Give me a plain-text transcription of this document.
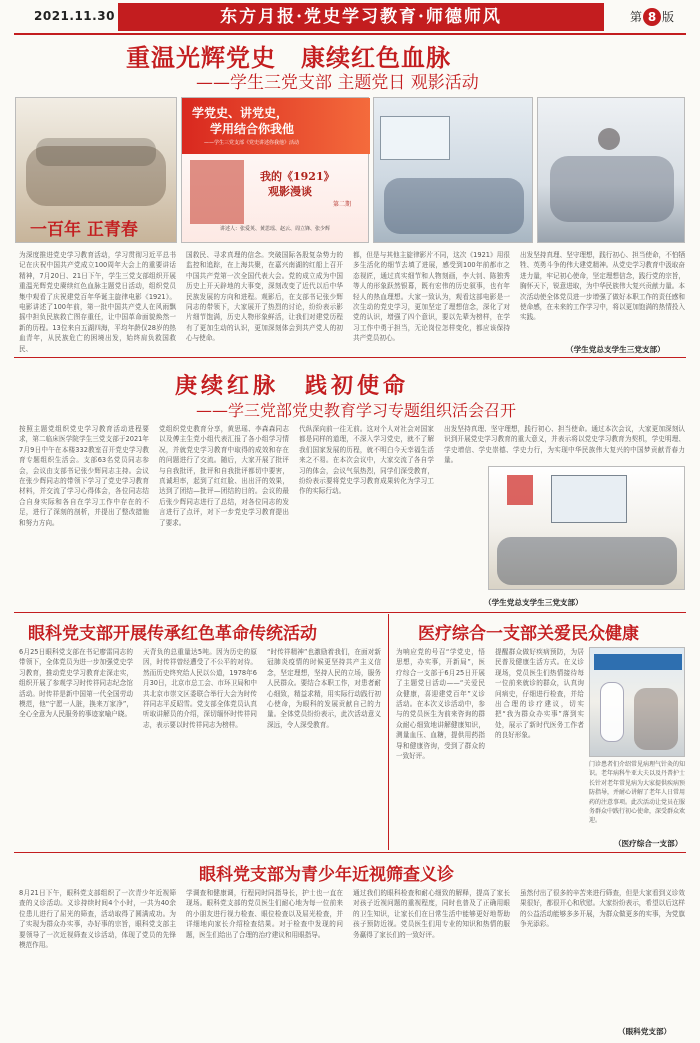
2021.11.30	东方月报·党史学习教育·师德师风	第 8 版
重温光辉党史　康续红色血脉
——学生三党支部 主题党日 观影活动
一百年 正青春
学党史、讲党史，
学用结合你我他
——学生三党支部《党史讲述你我他》活动
我的《1921》
观影漫谈
第二期
讲述人：张爱英、黄思瑶、赵云、周立锋、张少辉
为深度推进党史学习教育活动，学习贯彻习近平总书记在庆祝中国共产党成立100周年大会上的重要讲话精神，7月20日、21日下午，学生三党支部组织开展重温光辉党史赓续红色血脉主题党日活动，组织党员集中观看了庆祝建党百年华诞主旋律电影《1921》。电影讲述了100年前，第一批中国共产党人在风雨飘摇中担负民族救亡图存重任，让中国革命面貌焕然一新的历程。13位来自五湖四海，平均年龄仅28岁的热血青年，从民族危亡的困境出发，始终肩负救国救民、
国救民、寻求真理的信念。突破国际各股复杂势力的监控和追踪，在上海共聚，在嘉兴南湖的红船上召开中国共产党第一次全国代表大会。党的成立成为中国历史上开天辟地的大事变，深刻改变了近代以后中华民族发展的方向和进程。观影后，在支部书记张少辉同志的带领下，大家展开了热烈的讨论，纷纷表示影片细节饱满，历史人物形象鲜活，让我们对建党历程有了更加生动的认识，更加深刻体会到共产党人的初心与使命。
都，但是与其他主旋律影片不同，这次《1921》用很多生活化的细节去填了进展，感受到100年前都市之态视匠，通过真实细节和人物刻画，李大钊、陈独秀等人的形象跃然银幕，既有宏伟的历史叙事，也有年轻人的热血理想。大家一致认为，观看这部电影是一次生动的党史学习，更加坚定了理想信念，深化了对党的认识，增强了四个意识，要以先辈为榜样，在学习工作中勇于担当，无论岗位怎样变化，都应该保持共产党员初心。
出发坚持真理、坚守理想，践行初心、担当使命，不怕牺牲、英勇斗争的伟大建党精神。从党史学习教育中汲取奋进力量，牢记初心使命，坚定理想信念，践行党的宗旨，胸怀天下，锐意进取，为中华民族伟大复兴贡献力量。本次活动使全体党员进一步增强了做好本职工作的责任感和使命感，在未来的工作学习中，将以更加饱满的热情投入实践。
（学生党总支学生三党支部）
庚续红脉　践初使命
——学三党部党史教育学习专题组织活会召开
按照主题党组织党史学习教育活动进程要求，第二临床医学院学生三党支部于2021年7月9日中午在本楼332教室召开党史学习教育专题组织生活会。支部63名党员同志参会，会议由支部书记张少辉同志主持。会议在张少辉同志的带领下学习了党史学习教育材料，并交流了学习心得体会，各位同志结合自身实际和各自在学习工作中存在的不足，进行了深刻的剖析，并提出了整改措施和努力方向。
党组织党史教育分享，黄思瑶、李森森同志以及傅主生党小组代表汇报了各小组学习情况，并就党史学习教育中取得的成效和存在的问题进行了交流。随后，大家开展了批评与自我批评，批评和自我批评都切中要害，真诚坦率，起到了红红脸、出出汗的效果，达到了团结—批评—团结的目的。会议的最后张少辉同志进行了总结，对各位同志的发言进行了点评，对下一步党史学习教育提出了要求。
代纵深向前一往无前。这对个人对社会对国家都是同样的道理，不深入学习党史，就不了解我们国家发展的历程，就不明白今天幸福生活来之不易。在本次会议中，大家交流了各自学习的体会，会议气氛热烈，同学们深受教育，纷纷表示要将党史学习教育成果转化为学习工作的实际行动。
出发坚持真理、坚守理想，践行初心、担当使命。通过本次会议，大家更加深刻认识到开展党史学习教育的重大意义，并表示将以党史学习教育为契机，学史明理、学史增信、学史崇德、学史力行，为实现中华民族伟大复兴的中国梦贡献青春力量。
（学生党总支学生三党支部）
眼科党支部开展传承红色革命传统活动
6月25日眼科党支部在书记廖雷同志的带领下，全体党员为进一步加强党史学习教育，推动党史学习教育走深走实，组织开展了参观学习时传祥同志纪念馆活动。时传祥是新中国第一代全国劳动模范，他“宁愿一人脏，换来万家净”，全心全意为人民服务的事迹家喻户晓。
天背负的总重量达5吨。因为历史的原因，时传祥曾经遭受了不公平的对待。然而历史终究给人民以公道，1978年6月30日，北京市总工会、市环卫局和中共北京市崇文区委联合举行大会为时传祥同志平反昭雪。党支部全体党员认真听取讲解员的介绍，深切缅怀时传祥同志，表示要以时传祥同志为榜样。
“时传祥精神”也激励着我们，在面对新冠肺炎疫情的时候更坚持共产主义信念，坚定理想，坚持人民的立场，服务人民群众。要结合本职工作，对患者耐心细致，精益求精，用实际行动践行初心使命，为眼科的发展贡献自己的力量。全体党员纷纷表示，此次活动意义深远，令人深受教育。
医疗综合一支部关爱民众健康
为响应党的号召“学党史，悟思想，办实事，开新局”，医疗综合一支部于6月25日开展了主题党日活动——“关爱民众健康，喜迎建党百年”义诊活动。在本次义诊活动中，参与的党员医生为前来咨询的群众耐心细致地讲解健康知识，测量血压、血糖，提供用药指导和健康咨询，受到了群众的一致好评。
提醒群众做好疾病预防，为居民普及健康生活方式。在义诊现场，党员医生们热情接待每一位前来就诊的群众，认真询问病史，仔细进行检查，并给出合理的诊疗建议，切实把“我为群众办实事”落到实处，展示了新时代医务工作者的良好形象。
门诊患者们介绍常见病理气针灸的知识。老年病科牛亚大夫以及丹普护士长针对老年常见病为大家提供疾病预防指导，并耐心讲解了老年人日常用药的注意事项。此次活动让党员在服务群众中践行初心使命，深受群众欢迎。
（医疗综合一支部）
眼科党支部为青少年近视筛查义诊
8月21日下午，眼科党支部组织了一次青少年近视筛查的义诊活动。义诊持续时间4个小时，一共为40余位患儿进行了屈光的筛查，活动取得了圆满成功。为了实现为群众办实事，办好事的宗旨，眼科党支部主要领导了一次近视筛查义诊活动，体现了党员的先锋模范作用。
学调查和健康调，行程同时同指导长，护士也一直在现场。眼科党支部的党员医生们耐心地为每一位前来的小朋友进行视力检查、眼位检查以及屈光检查，并详细地向家长介绍检查结果。对于检查中发现的问题，医生们给出了合理的治疗建议和用眼指导。
通过我们的眼科检查和耐心细致的解释，提高了家长对孩子近视问题的重视程度，同时也普及了正确用眼的卫生知识，让家长们在日常生活中能够更好地帮助孩子预防近视。党员医生们用专业的知识和热情的服务赢得了家长们的一致好评。
虽然付出了很多的辛苦来进行筛查，但是大家看到义诊效果很好，都很开心和欣慰。大家纷纷表示，希望以后这样的公益活动能够多多开展，为群众做更多的实事，为党旗争光添彩。
（眼科党支部）
